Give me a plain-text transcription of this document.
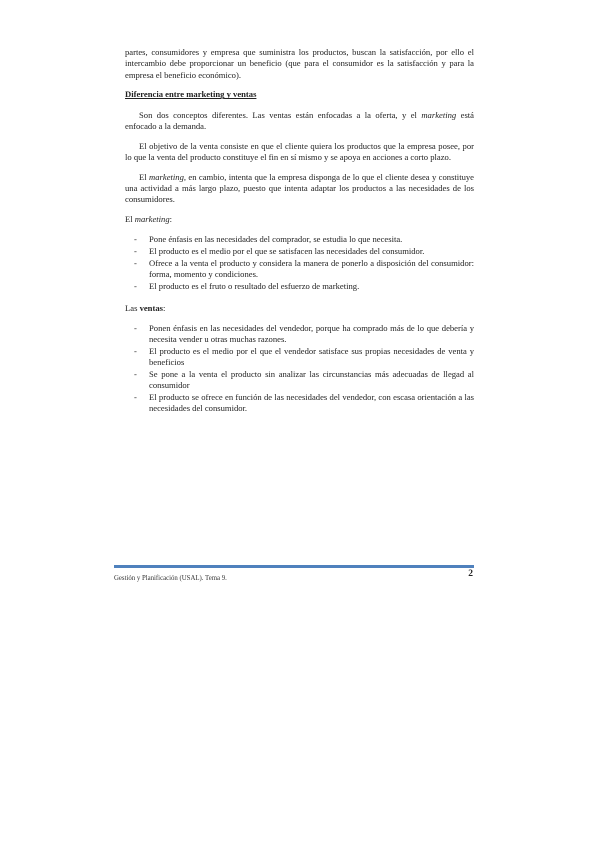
partes, consumidores y empresa que suministra los productos, buscan la satisfacción, por ello el intercambio debe proporcionar un beneficio (que para el consumidor es la satisfacción y para la empresa el beneficio económico).

Diferencia entre marketing y ventas

Son dos conceptos diferentes. Las ventas están enfocadas a la oferta, y el marketing está enfocado a la demanda.

El objetivo de la venta consiste en que el cliente quiera los productos que la empresa posee, por lo que la venta del producto constituye el fin en sí mismo y se apoya en acciones a corto plazo.

El marketing, en cambio, intenta que la empresa disponga de lo que el cliente desea y constituye una actividad a más largo plazo, puesto que intenta adaptar los productos a las necesidades de los consumidores.

El marketing:

- Pone énfasis en las necesidades del comprador, se estudia lo que necesita.
- El producto es el medio por el que se satisfacen las necesidades del consumidor.
- Ofrece a la venta el producto y considera la manera de ponerlo a disposición del consumidor: forma, momento y condiciones.
- El producto es el fruto o resultado del esfuerzo de marketing.

Las ventas:

- Ponen énfasis en las necesidades del vendedor, porque ha comprado más de lo que debería y necesita vender u otras muchas razones.
- El producto es el medio por el que el vendedor satisface sus propias necesidades de venta y beneficios
- Se pone a la venta el producto sin analizar las circunstancias más adecuadas de llegad al consumidor
- El producto se ofrece en función de las necesidades del vendedor, con escasa orientación a las necesidades del consumidor.
2
Gestión y Planificación (USAL). Tema 9.
